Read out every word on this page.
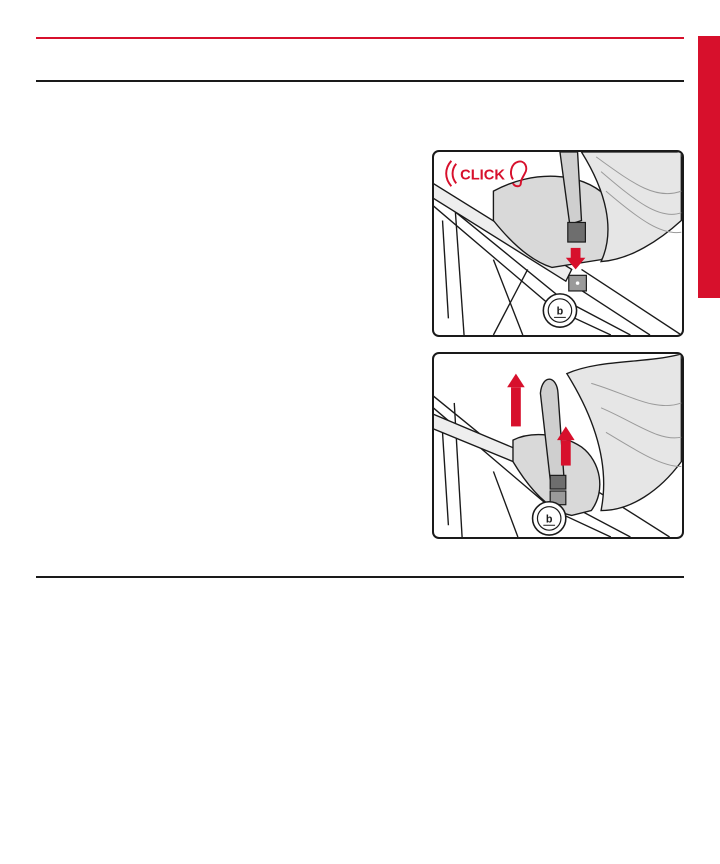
b
CLICK
b
